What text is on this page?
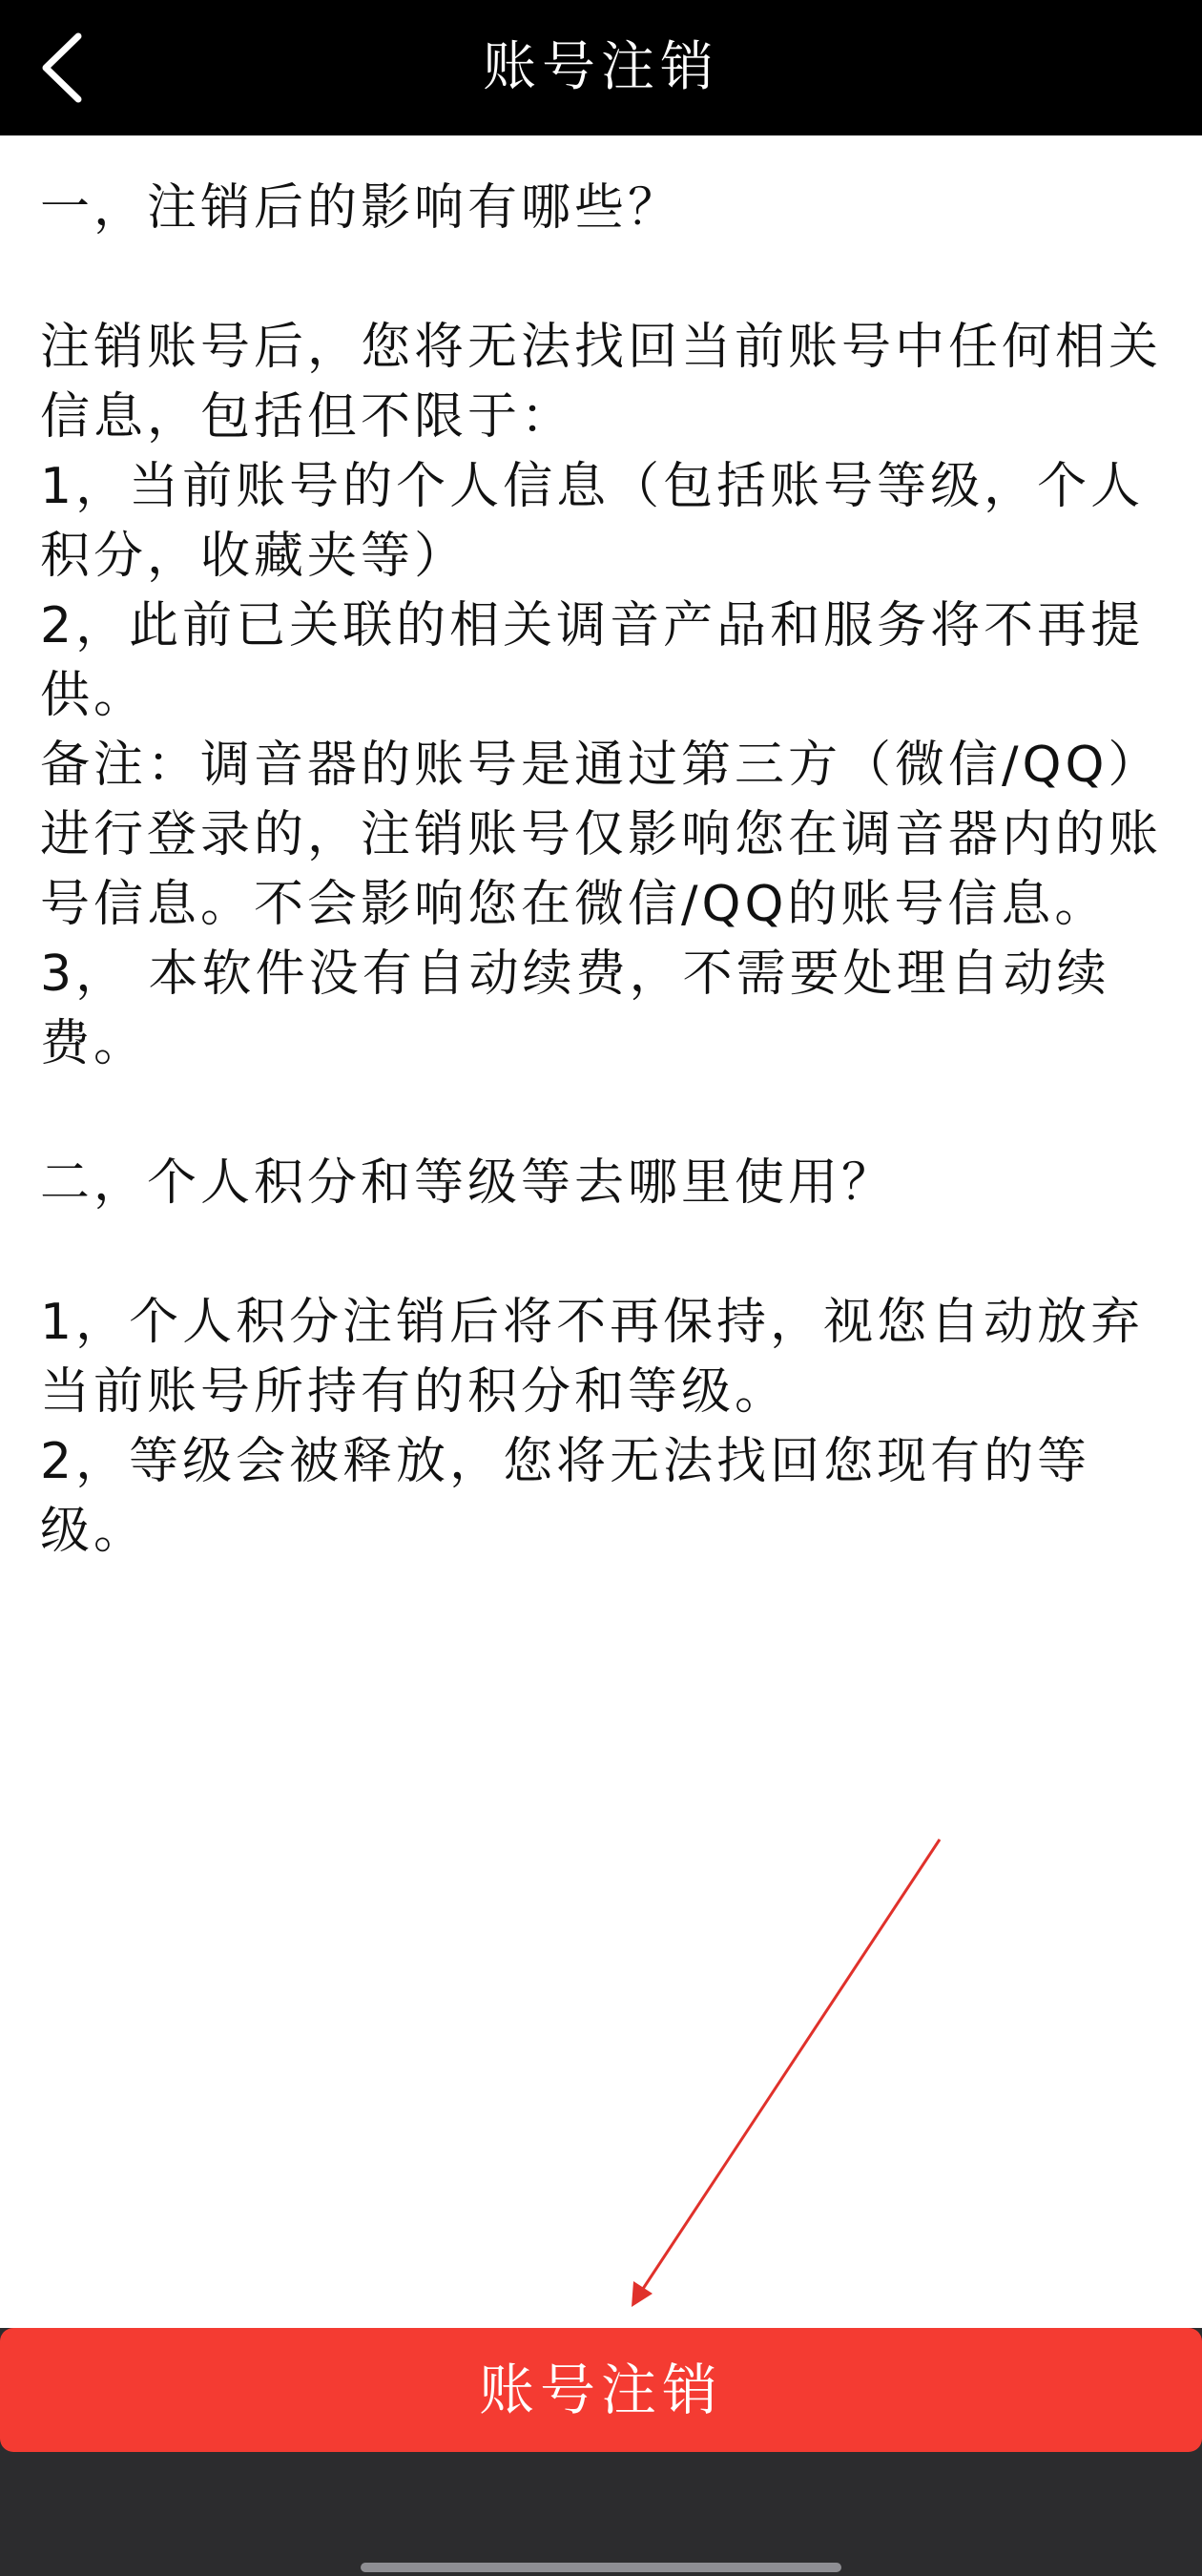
账号注销

一，注销后的影响有哪些？

注销账号后，您将无法找回当前账号中任何相关信息，包括但不限于：

1，当前账号的个人信息（包括账号等级，个人积分，收藏夹等）

2，此前已关联的相关调音产品和服务将不再提供。

备注：调音器的账号是通过第三方（微信/QQ）进行登录的，注销账号仅影响您在调音器内的账号信息。不会影响您在微信/QQ的账号信息。

3， 本软件没有自动续费，不需要处理自动续费。

二，个人积分和等级等去哪里使用？

1，个人积分注销后将不再保持，视您自动放弃当前账号所持有的积分和等级。

2，等级会被释放，您将无法找回您现有的等级。

账号注销
